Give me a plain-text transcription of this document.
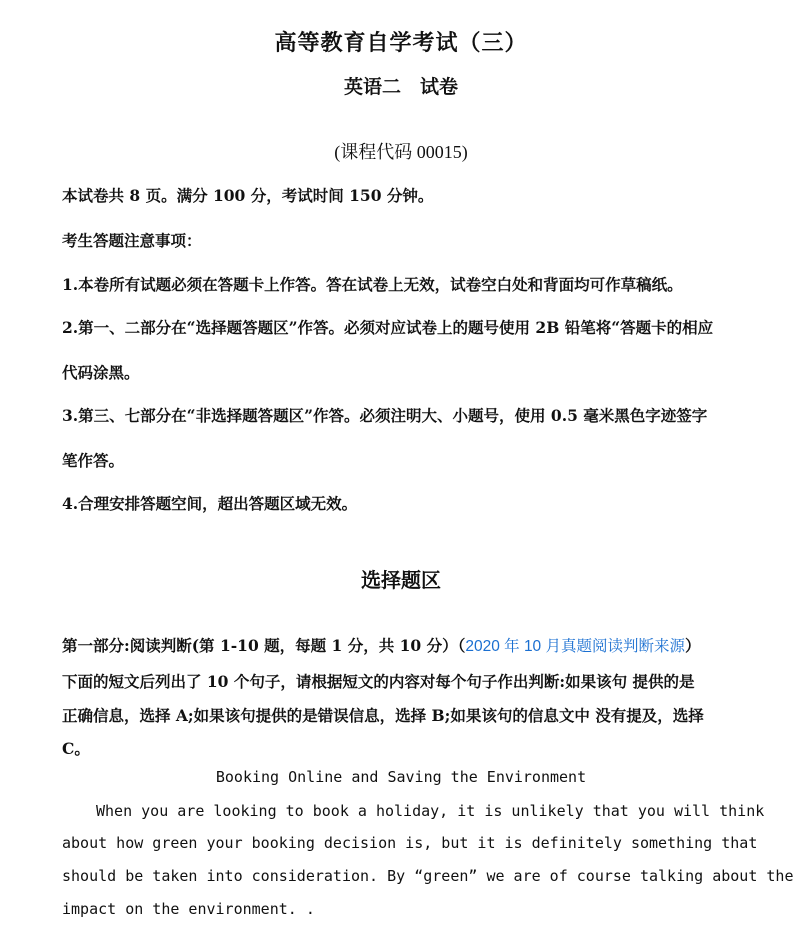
高等教育自学考试（三）
英语二　试卷
(课程代码 00015)
本试卷共 8 页。满分 100 分，考试时间 150 分钟。
考生答题注意事项：
1.本卷所有试题必须在答题卡上作答。答在试卷上无效，试卷空白处和背面均可作草稿纸。
2.第一、二部分在“选择题答题区”作答。必须对应试卷上的题号使用 2B 铅笔将“答题卡的相应
代码涂黑。
3.第三、七部分在“非选择题答题区”作答。必须注明大、小题号，使用 0.5 毫米黑色字迹签字
笔作答。
4.合理安排答题空间，超出答题区域无效。
选择题区
第一部分:阅读判断(第 1-10 题，每题 1 分，共 10 分）（2020 年 10 月真题阅读判断来源）
下面的短文后列出了 10 个句子，请根据短文的内容对每个句子作出判断:如果该句 提供的是
正确信息，选择 A;如果该句提供的是错误信息，选择 B;如果该句的信息文中 没有提及，选择
C。
Booking Online and Saving the Environment
When you are looking to book a holiday, it is unlikely that you will think
about how green your booking decision is, but it is definitely something that
should be taken into consideration. By “green” we are of course talking about the
impact on the environment. .
